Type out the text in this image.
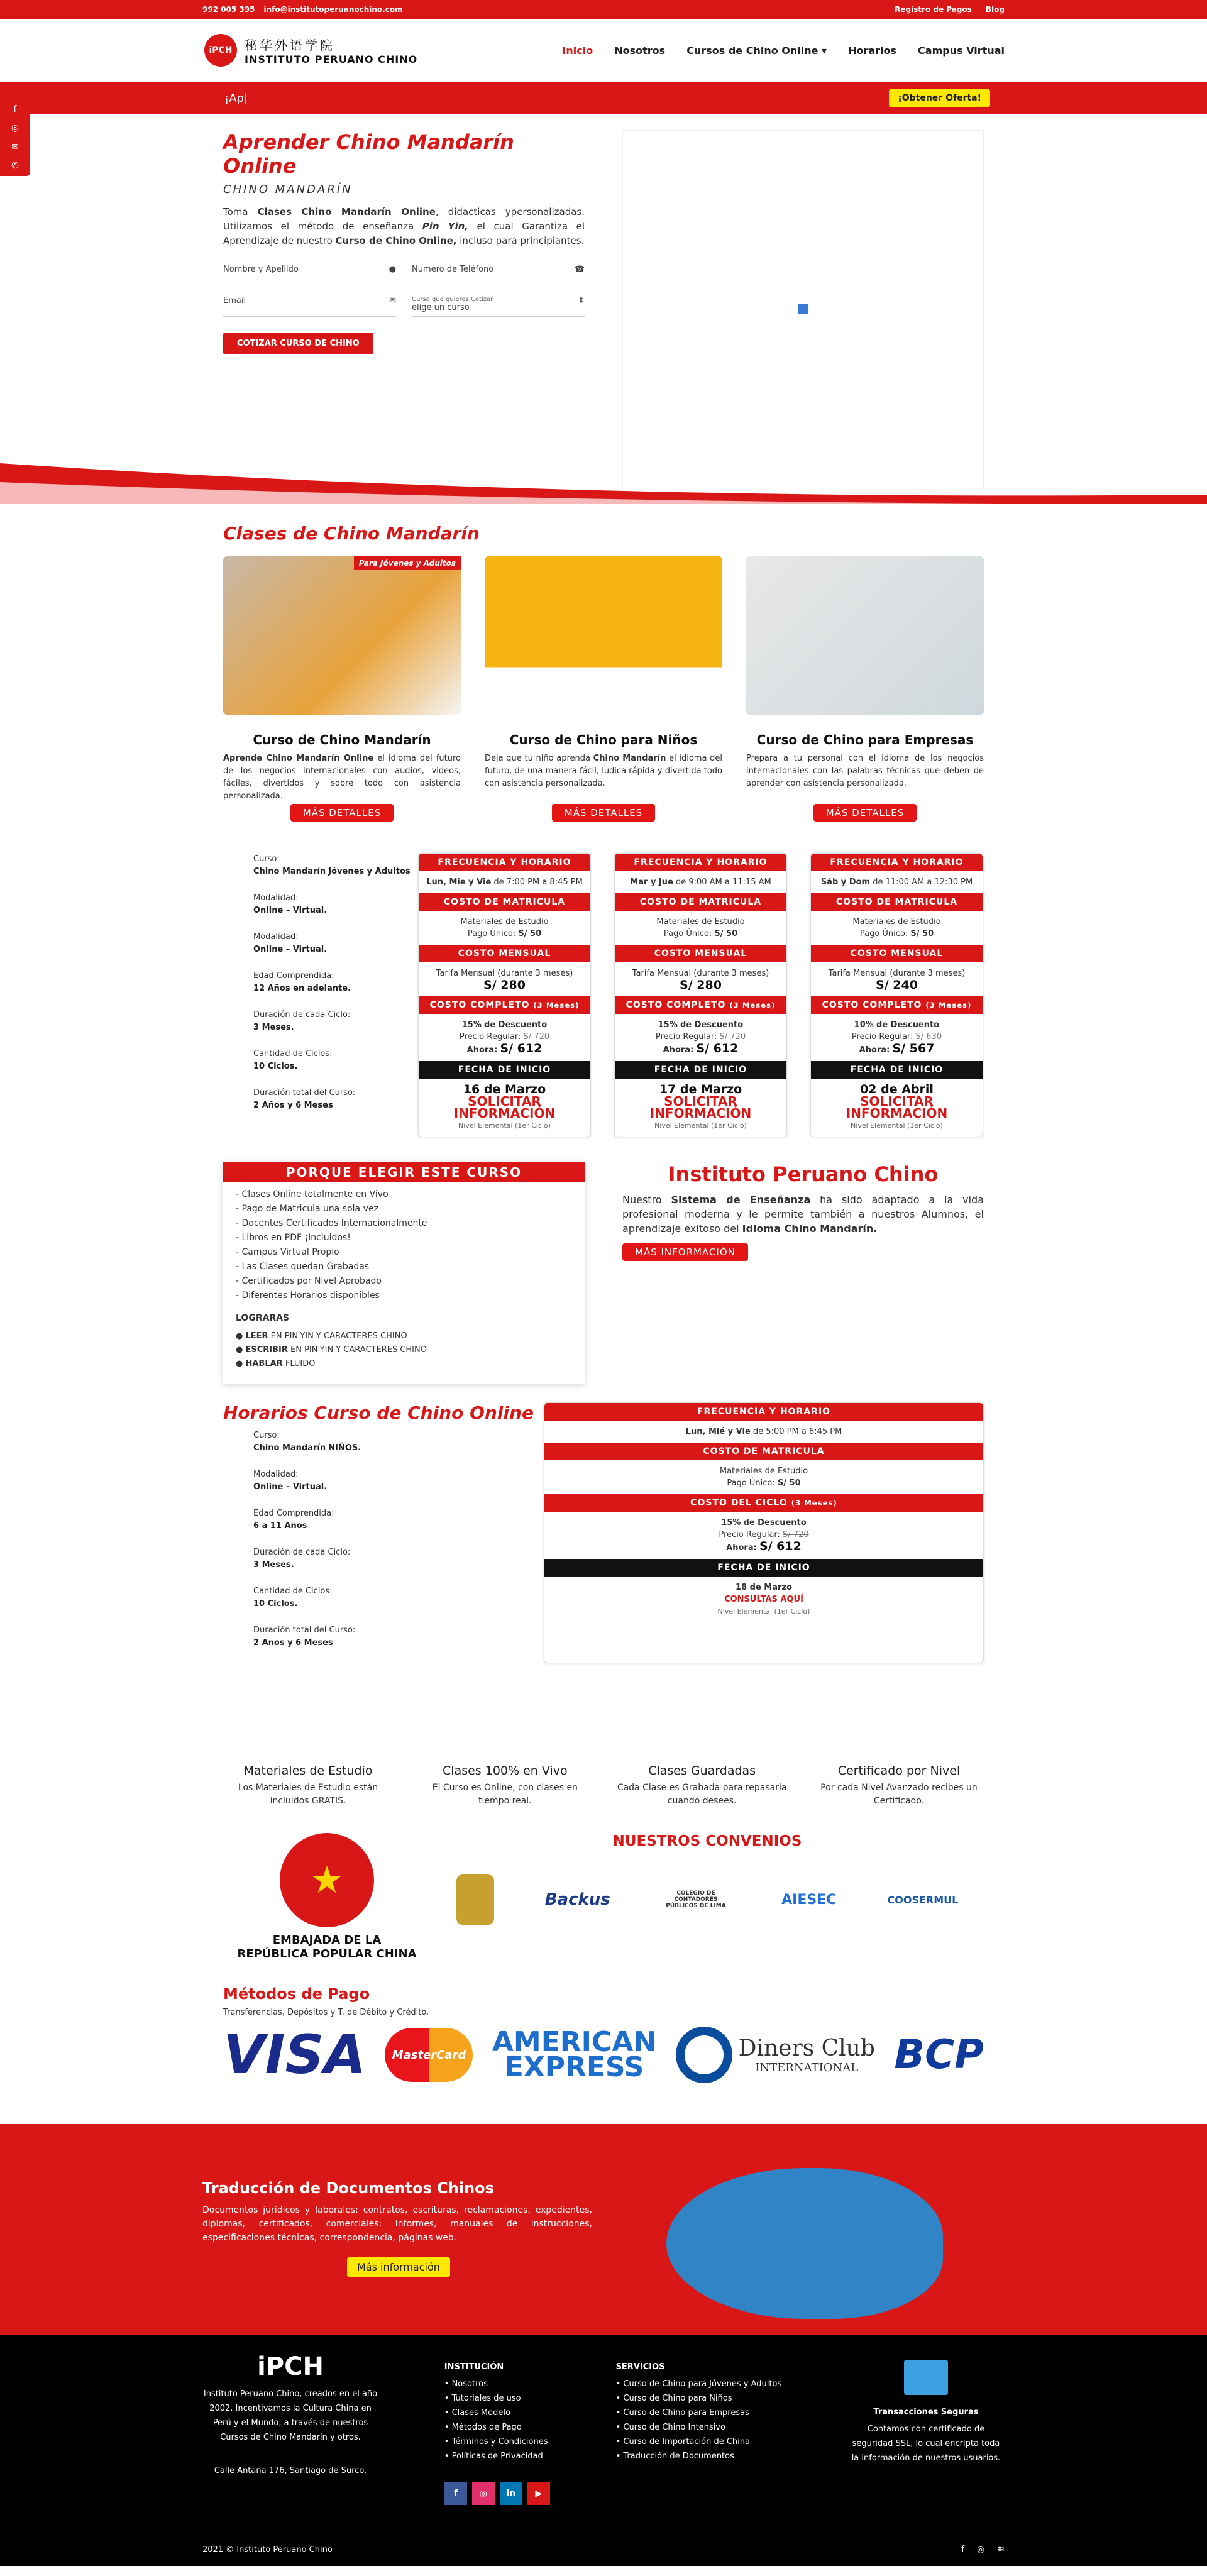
992 005 395 info@institutoperuanochino.com	Registro de Pagos Blog
iPCH 秘华外语学院
INSTITUTO PERUANO CHINO
Inicio Nosotros Cursos de Chino Online ▾ Horarios Campus Virtual
¡Ap|	¡Obtener Oferta!
f
◎
✉
✆
Aprender Chino Mandarín Online
CHINO MANDARÍN

Toma Clases Chino Mandarín Online, didacticas ypersonalizadas. Utilizamos el método de enseñanza Pin Yin, el cual Garantiza el Aprendizaje de nuestro Curso de Chino Online, incluso para principiantes.

Nombre y Apellido	● Numero de Teléfono	☎
Email	✉	Curso que quieres Cotizar
elige un curso
⇕
COTIZAR CURSO DE CHINO
Clases de Chino Mandarín
Para Jóvenes y Adultos
Curso de Chino Mandarín
Aprende Chino Mandarín Online el idioma del futuro de los negocios internacionales con audios, videos, fáciles, divertidos y sobre todo con asistencia personalizada.
MÁS DETALLES
Curso de Chino para Niños
Deja que tu niño aprenda Chino Mandarín el idioma del futuro, de una manera fácil, ludica rápida y divertida todo con asistencia personalizada.
MÁS DETALLES
Curso de Chino para Empresas
Prepara a tu personal con el idioma de los negocios internacionales con las palabras técnicas que deben de aprender con asistencia personalizada.
MÁS DETALLES
Curso:
Chino Mandarín Jóvenes y Adultos
Modalidad:
Online – Virtual.
Modalidad:
Online – Virtual.
Edad Comprendida:
12 Años en adelante.
Duración de cada Ciclo:
3 Meses.
Cantidad de Ciclos:
10 Ciclos.
Duración total del Curso:
2 Años y 6 Meses
FRECUENCIA Y HORARIO
Lun, Mie y Vie de 7:00 PM a 8:45 PM
COSTO DE MATRICULA
Materiales de Estudio
Pago Único: S/ 50
COSTO MENSUAL
Tarifa Mensual (durante 3 meses)
S/ 280
COSTO COMPLETO (3 Meses)
15% de Descuento
Precio Regular: S/ 720
Ahora: S/ 612
FECHA DE INICIO
16 de Marzo
SOLICITAR INFORMACIÓN
Nivel Elemental (1er Ciclo)
FRECUENCIA Y HORARIO
Mar y Jue de 9:00 AM a 11:15 AM
COSTO DE MATRICULA
Materiales de Estudio
Pago Único: S/ 50
COSTO MENSUAL
Tarifa Mensual (durante 3 meses)
S/ 280
COSTO COMPLETO (3 Meses)
15% de Descuento
Precio Regular: S/ 720
Ahora: S/ 612
FECHA DE INICIO
17 de Marzo
SOLICITAR INFORMACIÓN
Nivel Elemental (1er Ciclo)
FRECUENCIA Y HORARIO
Sáb y Dom de 11:00 AM a 12:30 PM
COSTO DE MATRICULA
Materiales de Estudio
Pago Único: S/ 50
COSTO MENSUAL
Tarifa Mensual (durante 3 meses)
S/ 240
COSTO COMPLETO (3 Meses)
10% de Descuento
Precio Regular: S/ 630
Ahora: S/ 567
FECHA DE INICIO
02 de Abril
SOLICITAR INFORMACIÓN
Nivel Elemental (1er Ciclo)
PORQUE ELEGIR ESTE CURSO
- Clases Online totalmente en Vivo
- Pago de Matricula una sola vez
- Docentes Certificados Internacionalmente
- Libros en PDF ¡Incluidos!
- Campus Virtual Propio
- Las Clases quedan Grabadas
- Certificados por Nivel Aprobado
- Diferentes Horarios disponibles
LOGRARAS
● LEER EN PIN-YIN Y CARACTERES CHINO
● ESCRIBIR EN PIN-YIN Y CARACTERES CHINO
● HABLAR FLUIDO
Instituto Peruano Chino

Nuestro Sistema de Enseñanza ha sido adaptado a la vida profesional moderna y le permite también a nuestros Alumnos, el aprendizaje exitoso del Idioma Chino Mandarín.

MÁS INFORMACIÓN
Horarios Curso de Chino Online
Curso:
Chino Mandarín NIÑOS.
Modalidad:
Online – Virtual.
Edad Comprendida:
6 a 11 Años
Duración de cada Ciclo:
3 Meses.
Cantidad de Ciclos:
10 Ciclos.
Duración total del Curso:
2 Años y 6 Meses
FRECUENCIA Y HORARIO
Lun, Mié y Vie de 5:00 PM a 6:45 PM
COSTO DE MATRICULA
Materiales de Estudio
Pago Único: S/ 50
COSTO DEL CICLO (3 Meses)
15% de Descuento
Precio Regular: S/ 720
Ahora: S/ 612
FECHA DE INICIO
18 de Marzo
CONSULTAS AQUÍ
Nivel Elemental (1er Ciclo)
Materiales de Estudio

Los Materiales de Estudio están incluidos GRATIS.

Clases 100% en Vivo

El Curso es Online, con clases en tiempo real.

Clases Guardadas

Cada Clase es Grabada para repasarla cuando desees.

Certificado por Nivel

Por cada Nivel Avanzado recibes un Certificado.

★
EMBAJADA DE LA
REPÚBLICA POPULAR CHINA
NUESTROS CONVENIOS
Backus	COLEGIO DE CONTADORES PÚBLICOS DE LIMA	AIESEC	COOSERMUL
Métodos de Pago
Transferencias, Depósitos y T. de Débito y Crédito.
VISA	MasterCard AMERICAN
EXPRESS
Diners Club
INTERNATIONAL BCP
Traducción de Documentos Chinos

Documentos jurídicos y laborales: contratos, escrituras, reclamaciones, expedientes, diplomas, certificados, comerciales: Informes, manuales de instrucciones, especificaciones técnicas, correspondencia, páginas web.

Más información
iPCH

Instituto Peruano Chino, creados en el año 2002. Incentivamos la Cultura China en Perú y el Mundo, a través de nuestros Cursos de Chino Mandarín y otros.

Calle Antana 176, Santiago de Surco.

INSTITUCIÓN
• Nosotros
• Tutoriales de uso
• Clases Modelo
• Métodos de Pago
• Términos y Condiciones
• Políticas de Privacidad
f	◎	in	▶
SERVICIOS
• Curso de Chino para Jóvenes y Adultos
• Curso de Chino para Niños
• Curso de Chino para Empresas
• Curso de Chino Intensivo
• Curso de Importación de China
• Traducción de Documentos
Transacciones Seguras

Contamos con certificado de seguridad SSL, lo cual encripta toda la información de nuestros usuarios.

2021 © Instituto Peruano Chino	f ◎ ≋
